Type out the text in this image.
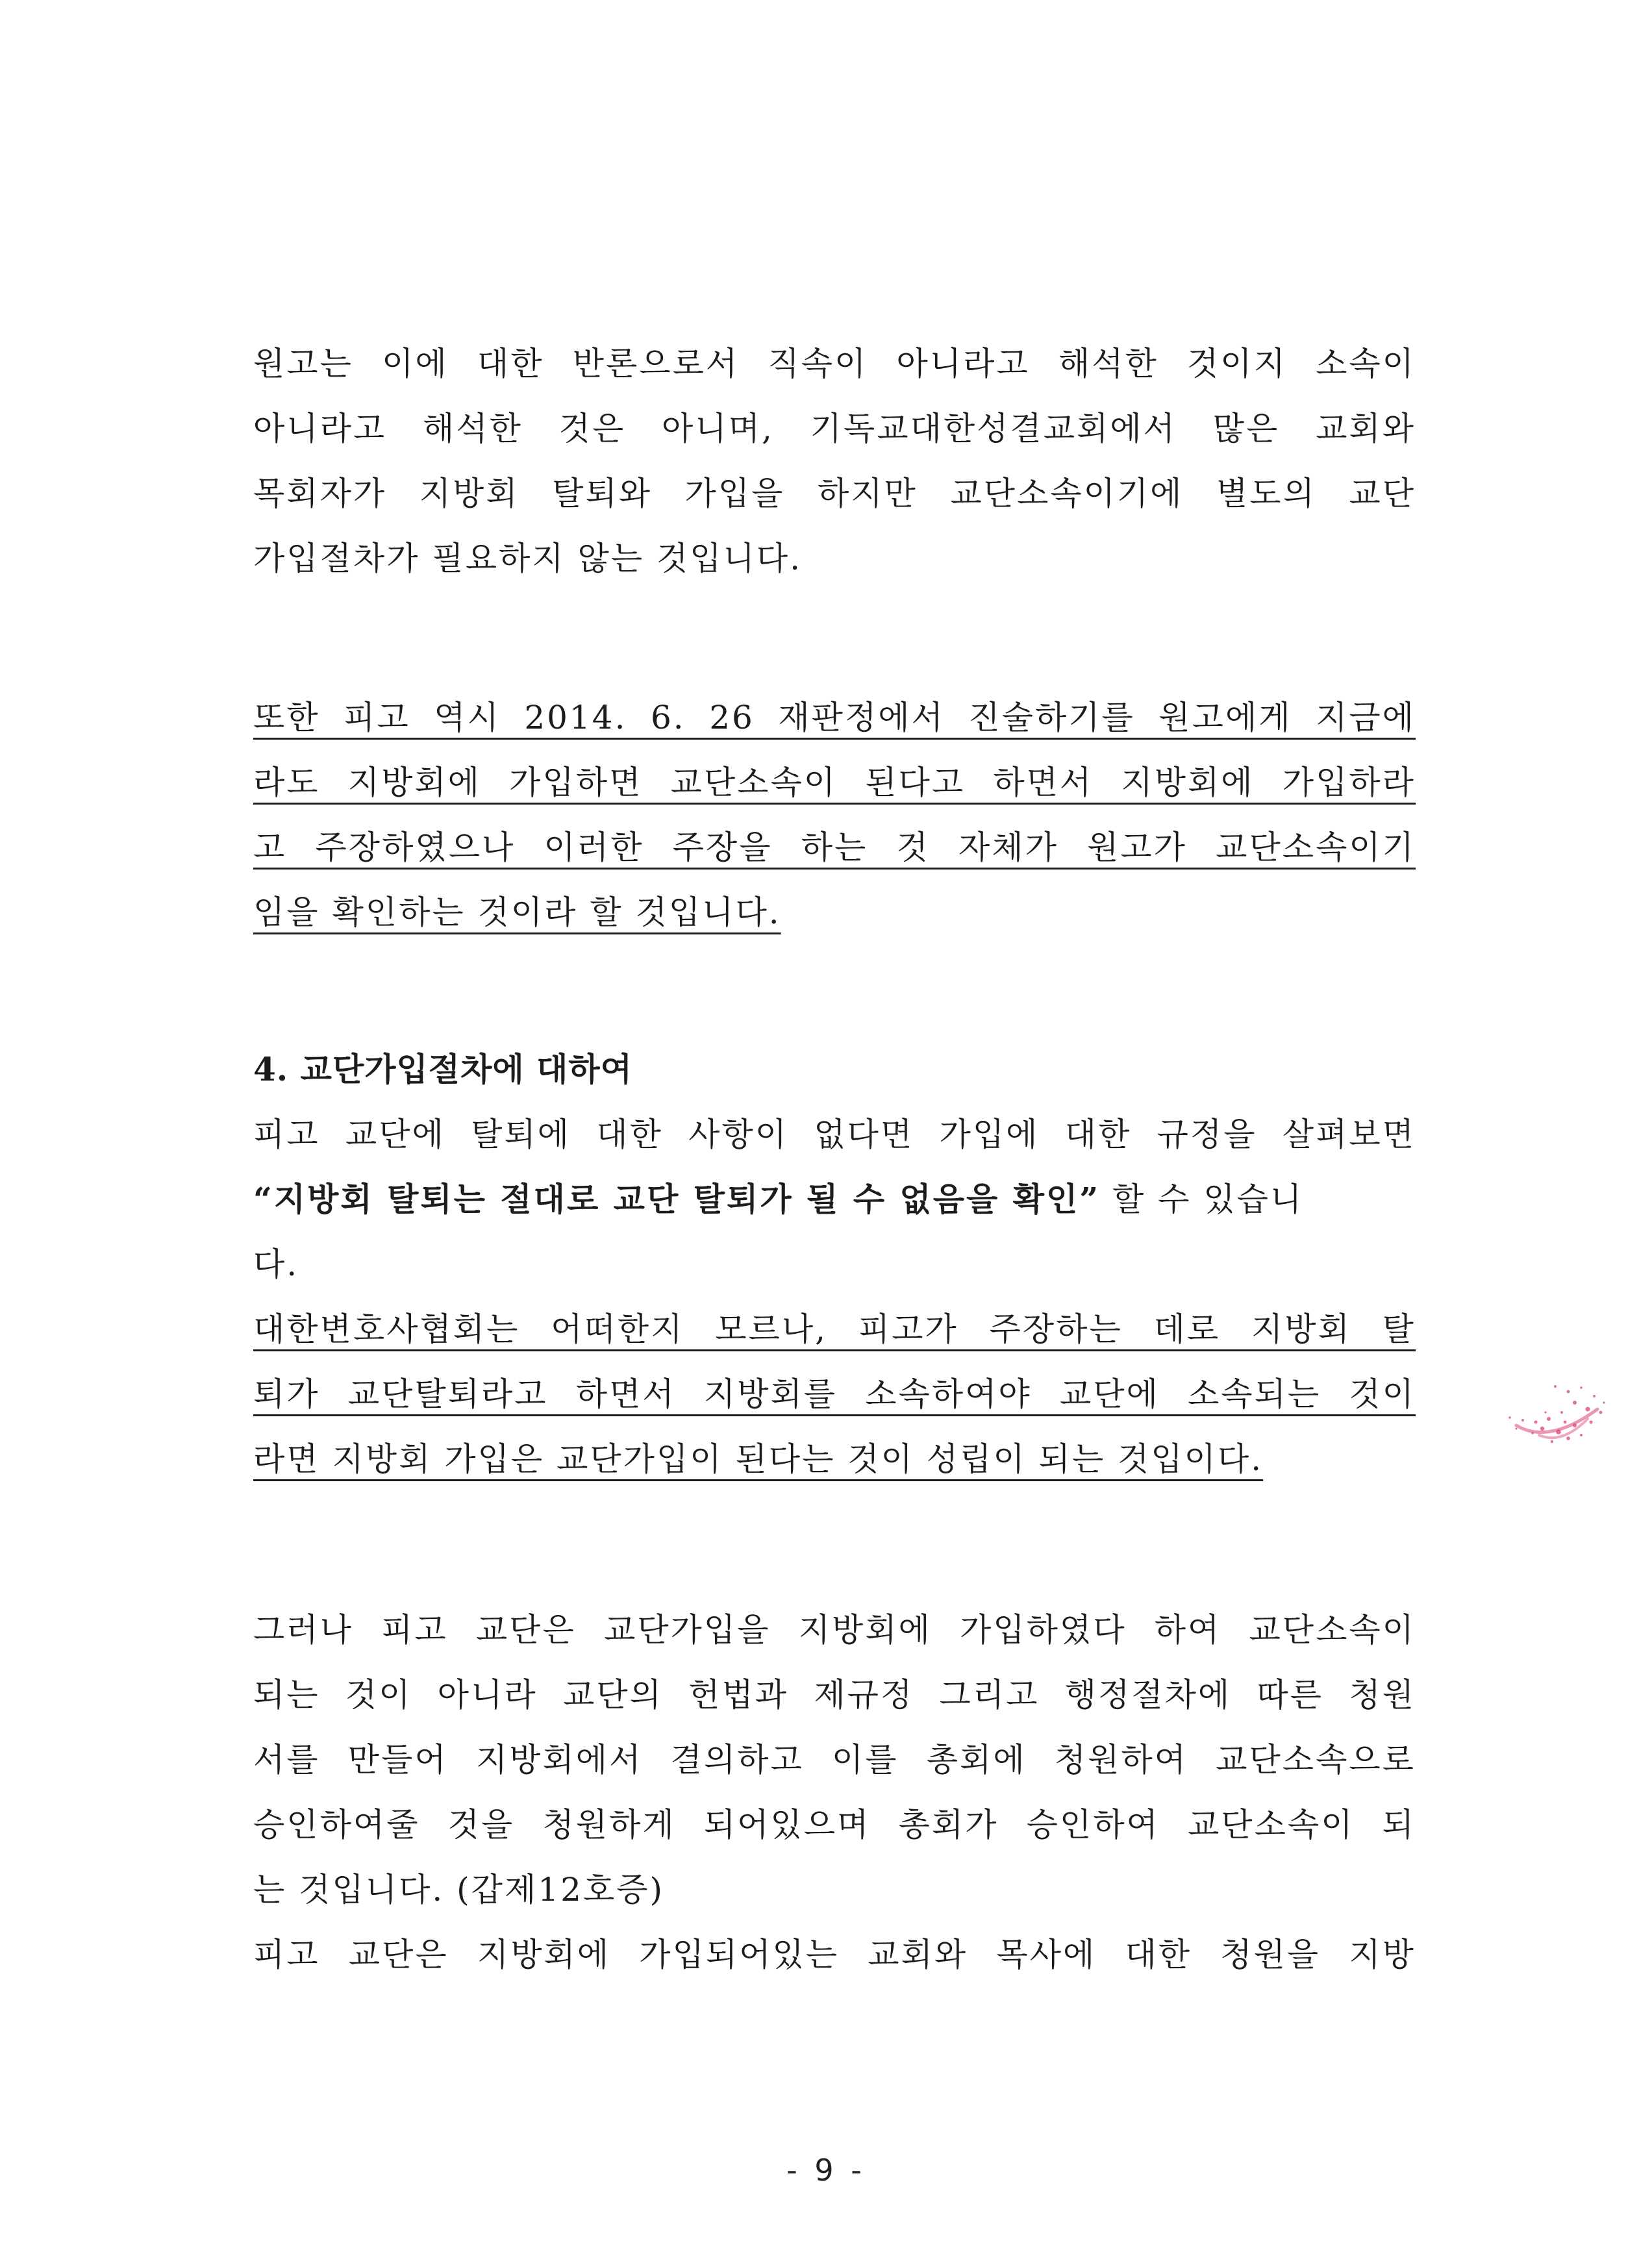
원고는 이에 대한 반론으로서 직속이 아니라고 해석한 것이지 소속이
아니라고 해석한 것은 아니며, 기독교대한성결교회에서 많은 교회와
목회자가 지방회 탈퇴와 가입을 하지만 교단소속이기에 별도의 교단
가입절차가 필요하지 않는 것입니다.
또한 피고 역시 2014. 6. 26 재판정에서 진술하기를 원고에게 지금에
라도 지방회에 가입하면 교단소속이 된다고 하면서 지방회에 가입하라
고 주장하였으나 이러한 주장을 하는 것 자체가 원고가 교단소속이기
임을 확인하는 것이라 할 것입니다.
4. 교단가입절차에 대하여
피고 교단에 탈퇴에 대한 사항이 없다면 가입에 대한 규정을 살펴보면
“지방회 탈퇴는 절대로 교단 탈퇴가 될 수 없음을 확인” 할 수 있습니
다.
대한변호사협회는 어떠한지 모르나, 피고가 주장하는 데로 지방회 탈
퇴가 교단탈퇴라고 하면서 지방회를 소속하여야 교단에 소속되는 것이
라면 지방회 가입은 교단가입이 된다는 것이 성립이 되는 것입이다.
그러나 피고 교단은 교단가입을 지방회에 가입하였다 하여 교단소속이
되는 것이 아니라 교단의 헌법과 제규정 그리고 행정절차에 따른 청원
서를 만들어 지방회에서 결의하고 이를 총회에 청원하여 교단소속으로
승인하여줄 것을 청원하게 되어있으며 총회가 승인하여 교단소속이 되
는 것입니다. (갑제12호증)
피고 교단은 지방회에 가입되어있는 교회와 목사에 대한 청원을 지방
- 9 -
